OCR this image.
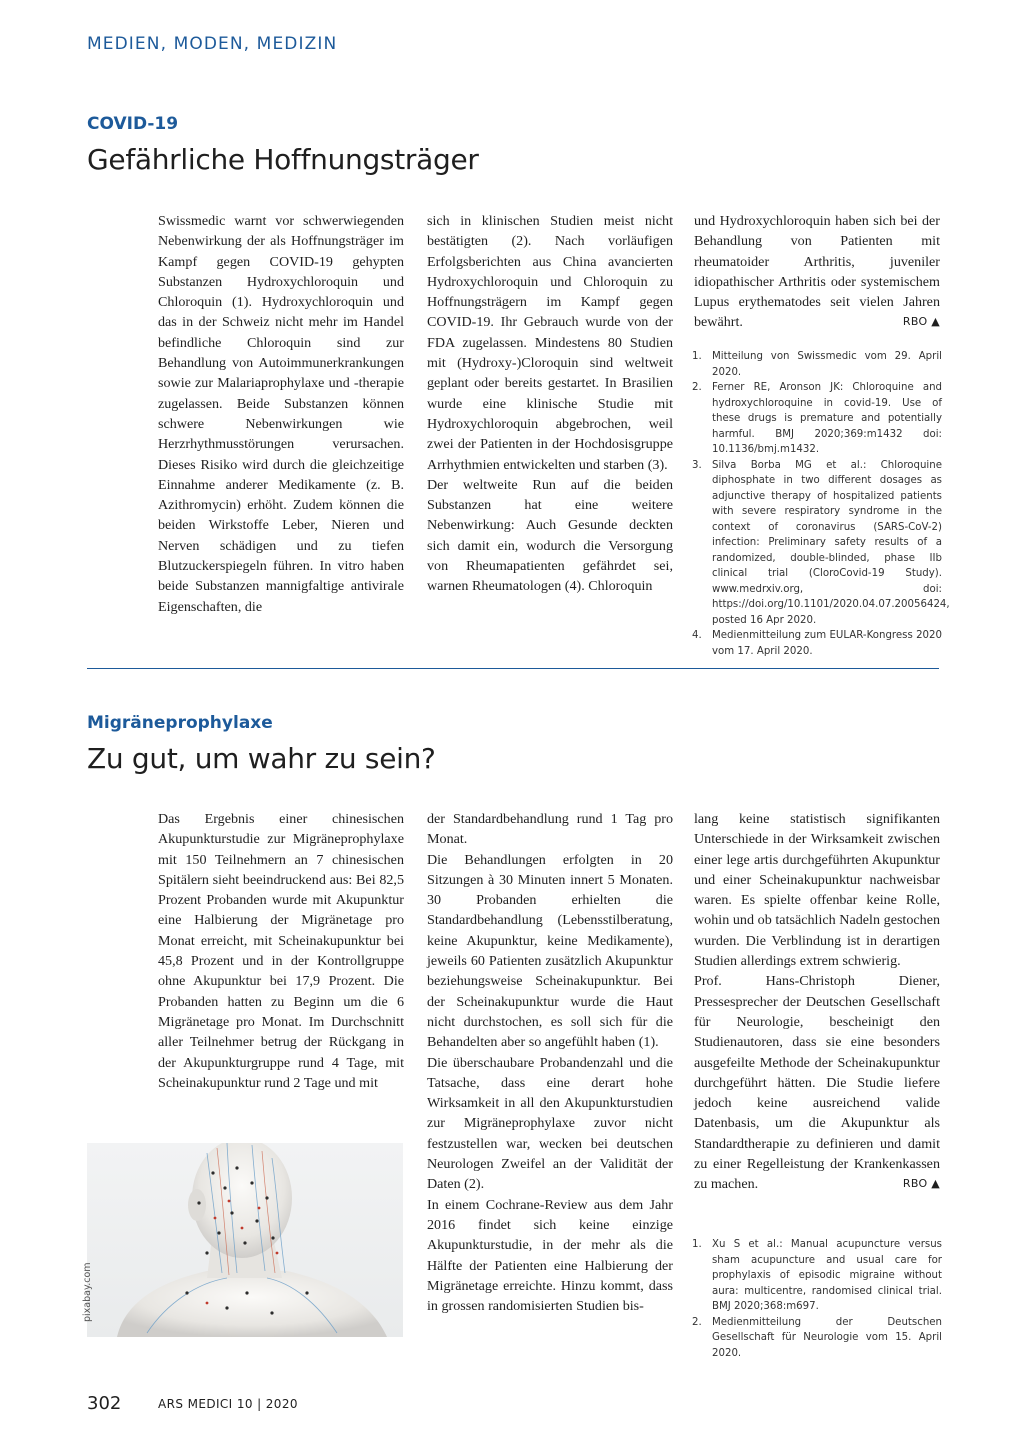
MEDIEN, MODEN, MEDIZIN
COVID-19
Gefährliche Hoffnungsträger

Swissmedic warnt vor schwerwiegenden Nebenwirkung der als Hoffnungsträger im Kampf gegen COVID-19 gehypten Substanzen Hydroxychloroquin und Chloroquin (1). Hydroxychloroquin und das in der Schweiz nicht mehr im Handel befindliche Chloroquin sind zur Behandlung von Autoimmunerkrankungen sowie zur Malariaprophylaxe und -therapie zugelassen. Beide Substanzen können schwere Nebenwirkungen wie Herzrhythmusstörungen verursachen. Dieses Risiko wird durch die gleichzeitige Einnahme anderer Medikamente (z. B. Azithromycin) erhöht. Zudem können die beiden Wirkstoffe Leber, Nieren und Nerven schädigen und zu tiefen Blutzuckerspiegeln führen. In vitro haben beide Substanzen mannigfaltige antivirale Eigenschaften, die

sich in klinischen Studien meist nicht bestätigten (2). Nach vorläufigen Erfolgsberichten aus China avancierten Hydroxychloroquin und Chloroquin zu Hoffnungsträgern im Kampf gegen COVID-19. Ihr Gebrauch wurde von der FDA zugelassen. Mindestens 80 Studien mit (Hydroxy-)Cloroquin sind weltweit geplant oder bereits gestartet. In Brasilien wurde eine klinische Studie mit Hydroxychloroquin abgebrochen, weil zwei der Patienten in der Hochdosisgruppe Arrhythmien entwickelten und starben (3).

Der weltweite Run auf die beiden Substanzen hat eine weitere Nebenwirkung: Auch Gesunde deckten sich damit ein, wodurch die Versorgung von Rheumapatienten gefährdet sei, warnen Rheumatologen (4). Chloroquin

und Hydroxychloroquin haben sich bei der Behandlung von Patienten mit rheumatoider Arthritis, juveniler idiopathischer Arthritis oder systemischem Lupus erythematodes seit vielen Jahren bewährt.	RBO ▲

1. Mitteilung von Swissmedic vom 29. April 2020.
2. Ferner RE, Aronson JK: Chloroquine and hydroxychloroquine in covid-19. Use of these drugs is premature and potentially harmful. BMJ 2020;369:m1432 doi: 10.1136/bmj.m1432.
3. Silva Borba MG et al.: Chloroquine diphosphate in two different dosages as adjunctive therapy of hospitalized patients with severe respiratory syndrome in the context of coronavirus (SARS-CoV-2) infection: Preliminary safety results of a randomized, double-blinded, phase IIb clinical trial (CloroCovid-19 Study). www.medrxiv.org, doi: https://doi.org/10.1101/2020.04.07.20056424, posted 16 Apr 2020.
4. Medienmitteilung zum EULAR-Kongress 2020 vom 17. April 2020.
Migräneprophylaxe
Zu gut, um wahr zu sein?

Das Ergebnis einer chinesischen Akupunkturstudie zur Migräneprophylaxe mit 150 Teilnehmern an 7 chinesischen Spitälern sieht beeindruckend aus: Bei 82,5 Prozent Probanden wurde mit Akupunktur eine Halbierung der Migränetage pro Monat erreicht, mit Scheinakupunktur bei 45,8 Prozent und in der Kontrollgruppe ohne Akupunktur bei 17,9 Prozent. Die Probanden hatten zu Beginn um die 6 Migränetage pro Monat. Im Durchschnitt aller Teilnehmer betrug der Rückgang in der Akupunkturgruppe rund 4 Tage, mit Scheinakupunktur rund 2 Tage und mit

pixabay.com

der Standardbehandlung rund 1 Tag pro Monat.

Die Behandlungen erfolgten in 20 Sitzungen à 30 Minuten innert 5 Monaten. 30 Probanden erhielten die Standardbehandlung (Lebensstilberatung, keine Akupunktur, keine Medikamente), jeweils 60 Patienten zusätzlich Akupunktur beziehungsweise Scheinakupunktur. Bei der Scheinakupunktur wurde die Haut nicht durchstochen, es soll sich für die Behandelten aber so angefühlt haben (1).

Die überschaubare Probandenzahl und die Tatsache, dass eine derart hohe Wirksamkeit in all den Akupunkturstudien zur Migräneprophylaxe zuvor nicht festzustellen war, wecken bei deutschen Neurologen Zweifel an der Validität der Daten (2).

In einem Cochrane-Review aus dem Jahr 2016 findet sich keine einzige Akupunkturstudie, in der mehr als die Hälfte der Patienten eine Halbierung der Migränetage erreichte. Hinzu kommt, dass in grossen randomisierten Studien bis-

lang keine statistisch signifikanten Unterschiede in der Wirksamkeit zwischen einer lege artis durchgeführten Akupunktur und einer Scheinakupunktur nachweisbar waren. Es spielte offenbar keine Rolle, wohin und ob tatsächlich Nadeln gestochen wurden. Die Verblindung ist in derartigen Studien allerdings extrem schwierig.

Prof. Hans-Christoph Diener, Pressesprecher der Deutschen Gesellschaft für Neurologie, bescheinigt den Studienautoren, dass sie eine besonders ausgefeilte Methode der Scheinakupunktur durchgeführt hätten. Die Studie liefere jedoch keine ausreichend valide Datenbasis, um die Akupunktur als Standardtherapie zu definieren und damit zu einer Regelleistung der Krankenkassen zu machen.	RBO ▲

1. Xu S et al.: Manual acupuncture versus sham acupuncture and usual care for prophylaxis of episodic migraine without aura: multicentre, randomised clinical trial. BMJ 2020;368:m697.
2. Medienmitteilung der Deutschen Gesellschaft für Neurologie vom 15. April 2020.
302	ARS MEDICI 10 | 2020
